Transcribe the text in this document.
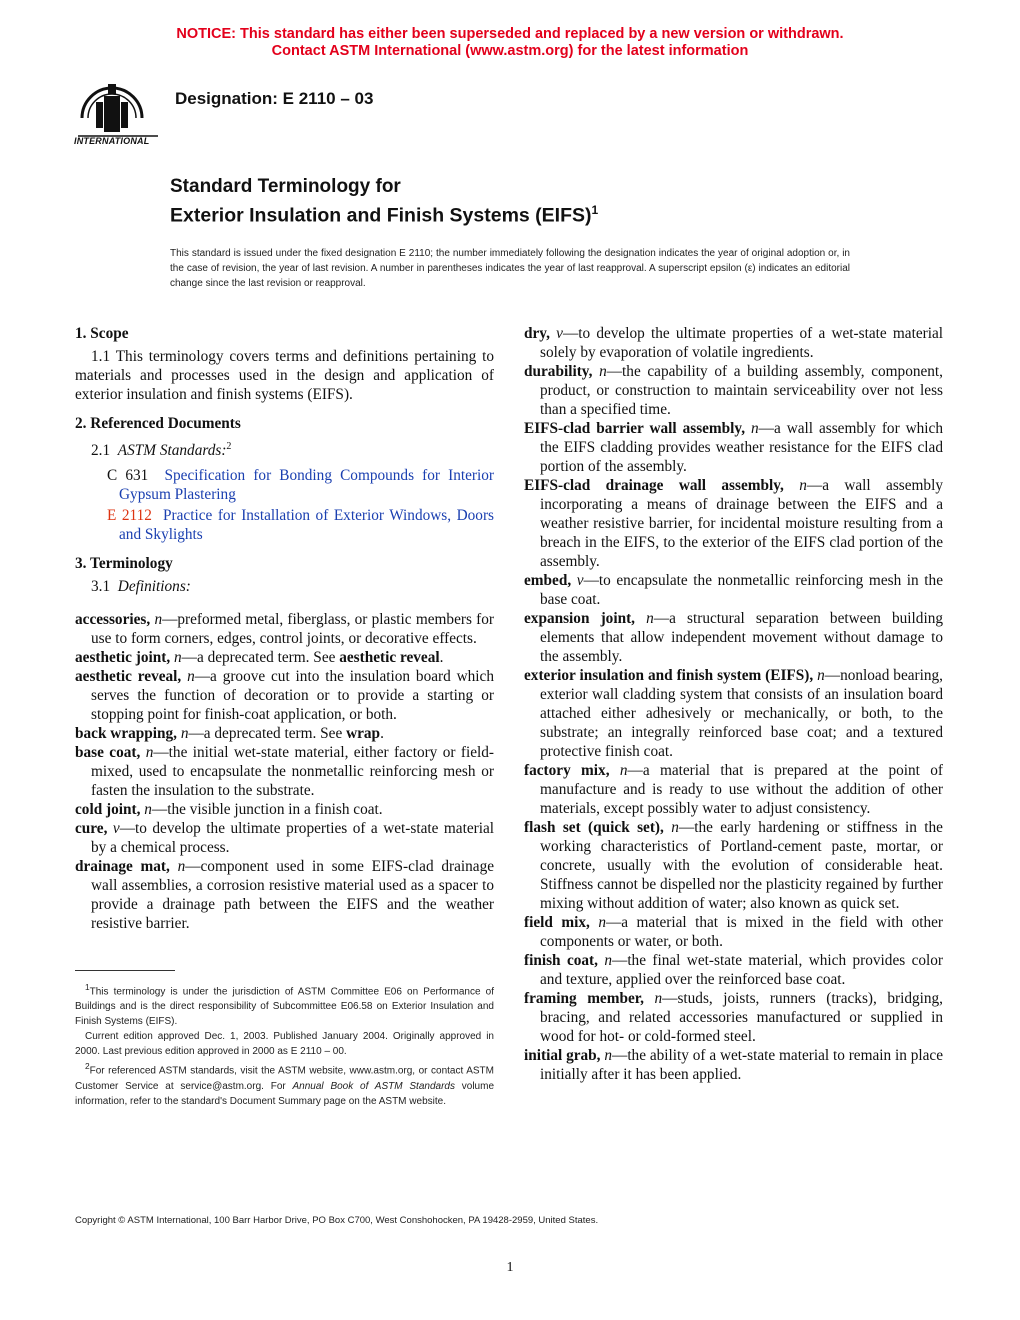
NOTICE: This standard has either been superseded and replaced by a new version or withdrawn.
Contact ASTM International (www.astm.org) for the latest information
INTERNATIONAL
Designation: E 2110 – 03
Standard Terminology for
Exterior Insulation and Finish Systems (EIFS)$^1$
This standard is issued under the fixed designation E 2110; the number immediately following the designation indicates the year of original adoption or, in the case of revision, the year of last revision. A number in parentheses indicates the year of last reapproval. A superscript epsilon (ε) indicates an editorial change since the last revision or reapproval.
1. Scope
1.1 This terminology covers terms and definitions pertaining to materials and processes used in the design and application of exterior insulation and finish systems (EIFS).
2. Referenced Documents
2.1 ASTM Standards:$^2$
C 631 Specification for Bonding Compounds for Interior Gypsum Plastering
E 2112 Practice for Installation of Exterior Windows, Doors and Skylights
3. Terminology
3.1 Definitions:
accessories, n—preformed metal, fiberglass, or plastic members for use to form corners, edges, control joints, or decorative effects.
aesthetic joint, n—a deprecated term. See aesthetic reveal.
aesthetic reveal, n—a groove cut into the insulation board which serves the function of decoration or to provide a starting or stopping point for finish-coat application, or both.
back wrapping, n—a deprecated term. See wrap.
base coat, n—the initial wet-state material, either factory or field-mixed, used to encapsulate the nonmetallic reinforcing mesh or fasten the insulation to the substrate.
cold joint, n—the visible junction in a finish coat.
cure, v—to develop the ultimate properties of a wet-state material by a chemical process.
drainage mat, n—component used in some EIFS-clad drainage wall assemblies, a corrosion resistive material used as a spacer to provide a drainage path between the EIFS and the weather resistive barrier.
dry, v—to develop the ultimate properties of a wet-state material solely by evaporation of volatile ingredients.
durability, n—the capability of a building assembly, component, product, or construction to maintain serviceability over not less than a specified time.
EIFS-clad barrier wall assembly, n—a wall assembly for which the EIFS cladding provides weather resistance for the EIFS clad portion of the assembly.
EIFS-clad drainage wall assembly, n—a wall assembly incorporating a means of drainage between the EIFS and a weather resistive barrier, for incidental moisture resulting from a breach in the EIFS, to the exterior of the EIFS clad portion of the assembly.
embed, v—to encapsulate the nonmetallic reinforcing mesh in the base coat.
expansion joint, n—a structural separation between building elements that allow independent movement without damage to the assembly.
exterior insulation and finish system (EIFS), n—nonload bearing, exterior wall cladding system that consists of an insulation board attached either adhesively or mechanically, or both, to the substrate; an integrally reinforced base coat; and a textured protective finish coat.
factory mix, n—a material that is prepared at the point of manufacture and is ready to use without the addition of other materials, except possibly water to adjust consistency.
flash set (quick set), n—the early hardening or stiffness in the working characteristics of Portland-cement paste, mortar, or concrete, usually with the evolution of considerable heat. Stiffness cannot be dispelled nor the plasticity regained by further mixing without addition of water; also known as quick set.
field mix, n—a material that is mixed in the field with other components or water, or both.
finish coat, n—the final wet-state material, which provides color and texture, applied over the reinforced base coat.
framing member, n—studs, joists, runners (tracks), bridging, bracing, and related accessories manufactured or supplied in wood for hot- or cold-formed steel.
initial grab, n—the ability of a wet-state material to remain in place initially after it has been applied.

$^1$This terminology is under the jurisdiction of ASTM Committee E06 on Performance of Buildings and is the direct responsibility of Subcommittee E06.58 on Exterior Insulation and Finish Systems (EIFS).

Current edition approved Dec. 1, 2003. Published January 2004. Originally approved in 2000. Last previous edition approved in 2000 as E 2110 – 00.

$^2$For referenced ASTM standards, visit the ASTM website, www.astm.org, or contact ASTM Customer Service at service@astm.org. For Annual Book of ASTM Standards volume information, refer to the standard's Document Summary page on the ASTM website.

Copyright © ASTM International, 100 Barr Harbor Drive, PO Box C700, West Conshohocken, PA 19428-2959, United States.
1
